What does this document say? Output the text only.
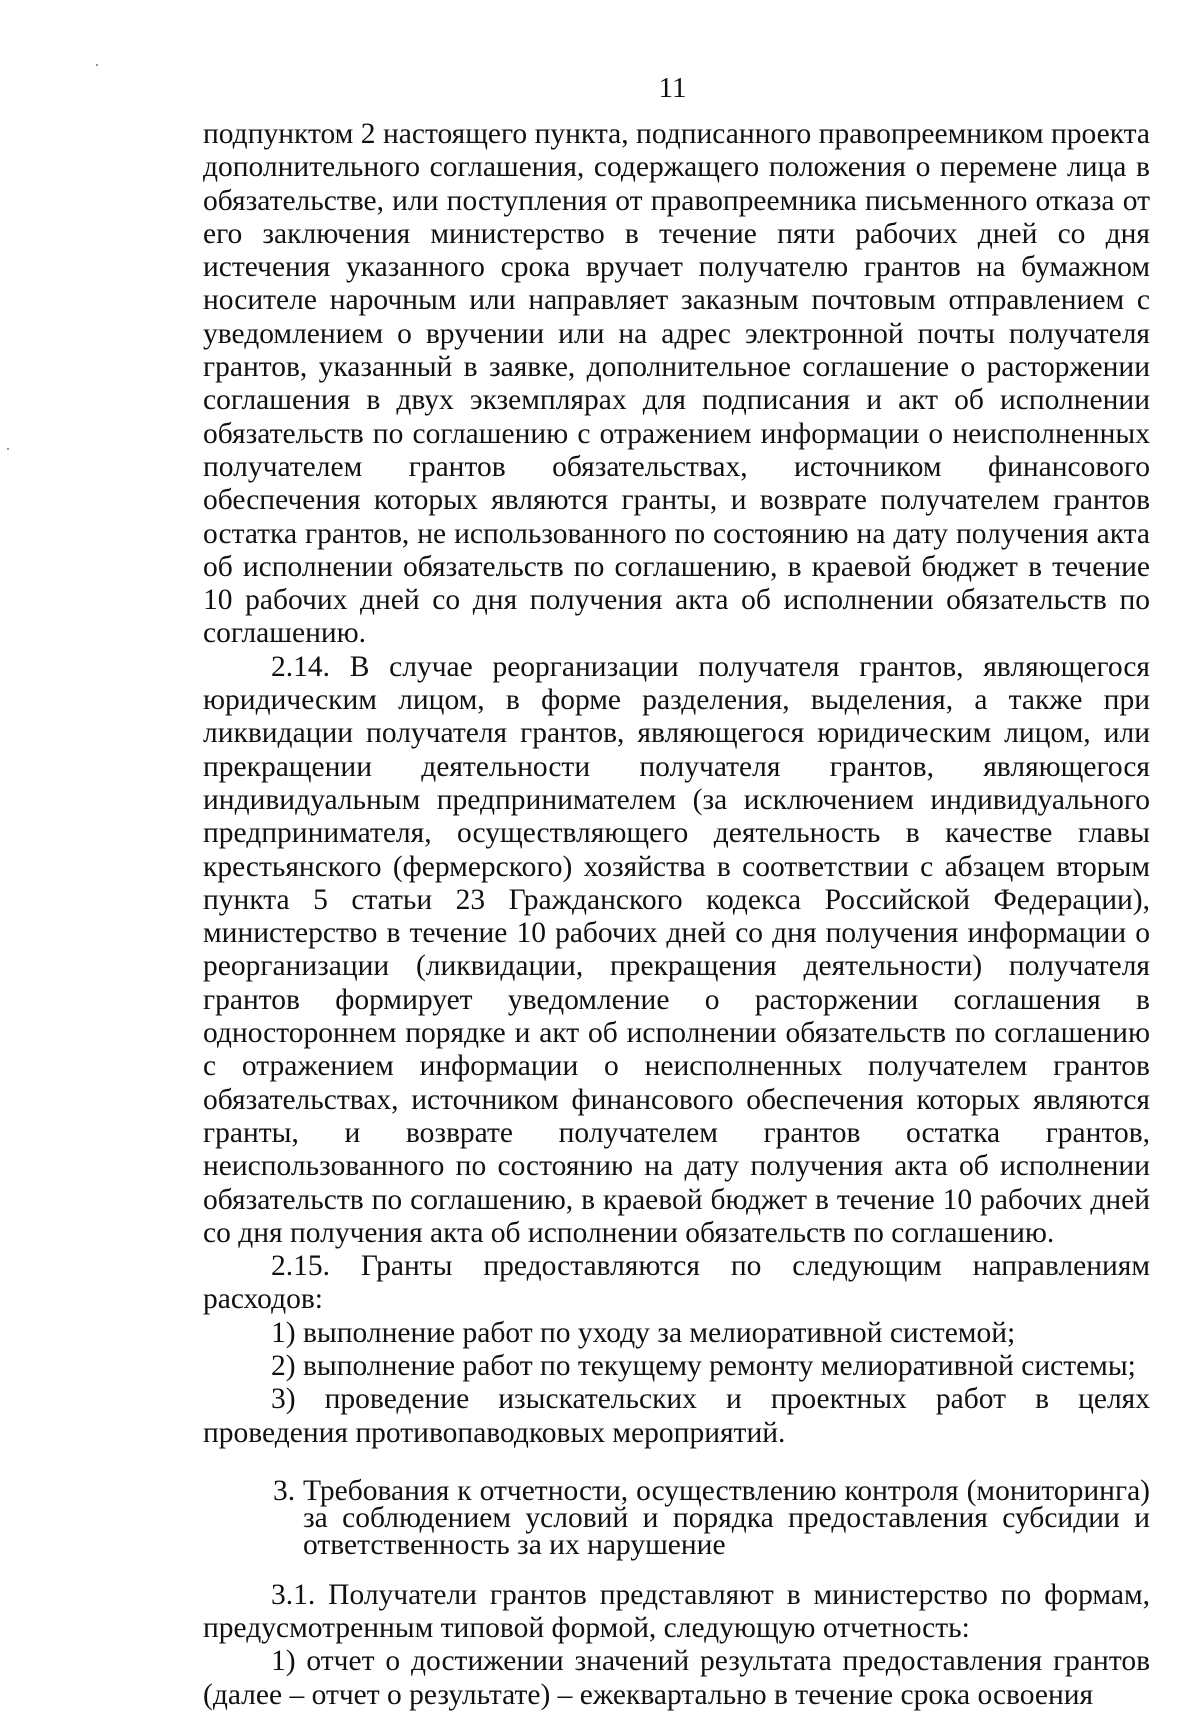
11

подпунктом 2 настоящего пункта, подписанного правопреемником проекта дополнительного соглашения, содержащего положения о перемене лица в обязательстве, или поступления от правопреемника письменного отказа от его заключения министерство в течение пяти рабочих дней со дня истечения указанного срока вручает получателю грантов на бумажном носителе нарочным или направляет заказным почтовым отправлением с уведомлением о вручении или на адрес электронной почты получателя грантов, указанный в заявке, дополнительное соглашение о расторжении соглашения в двух экземплярах для подписания и акт об исполнении обязательств по соглашению с отражением информации о неисполненных получателем грантов обязательствах, источником финансового обеспечения которых являются гранты, и возврате получателем грантов остатка грантов, не использованного по состоянию на дату получения акта об исполнении обязательств по соглашению, в краевой бюджет в течение 10 рабочих дней со дня получения акта об исполнении обязательств по соглашению.

2.14. В случае реорганизации получателя грантов, являющегося юридическим лицом, в форме разделения, выделения, а также при ликвидации получателя грантов, являющегося юридическим лицом, или прекращении деятельности получателя грантов, являющегося индивидуальным предпринимателем (за исключением индивидуального предпринимателя, осуществляющего деятельность в качестве главы крестьянского (фермерского) хозяйства в соответствии с абзацем вторым пункта 5 статьи 23 Гражданского кодекса Российской Федерации), министерство в течение 10 рабочих дней со дня получения информации о реорганизации (ликвидации, прекращения деятельности) получателя грантов формирует уведомление о расторжении соглашения в одностороннем порядке и акт об исполнении обязательств по соглашению с отражением информации о неисполненных получателем грантов обязательствах, источником финансового обеспечения которых являются гранты, и возврате получателем грантов остатка грантов, неиспользованного по состоянию на дату получения акта об исполнении обязательств по соглашению, в краевой бюджет в течение 10 рабочих дней со дня получения акта об исполнении обязательств по соглашению.

2.15. Гранты предоставляются по следующим направлениям расходов:

1) выполнение работ по уходу за мелиоративной системой;

2) выполнение работ по текущему ремонту мелиоративной системы;

3) проведение изыскательских и проектных работ в целях проведения противопаводковых мероприятий.

3. Требования к отчетности, осуществлению контроля (мониторинга) за соблюдением условий и порядка предоставления субсидии и ответственность за их нарушение

3.1. Получатели грантов представляют в министерство по формам, предусмотренным типовой формой, следующую отчетность:

1) отчет о достижении значений результата предоставления грантов (далее – отчет о результате) – ежеквартально в течение срока освоения
